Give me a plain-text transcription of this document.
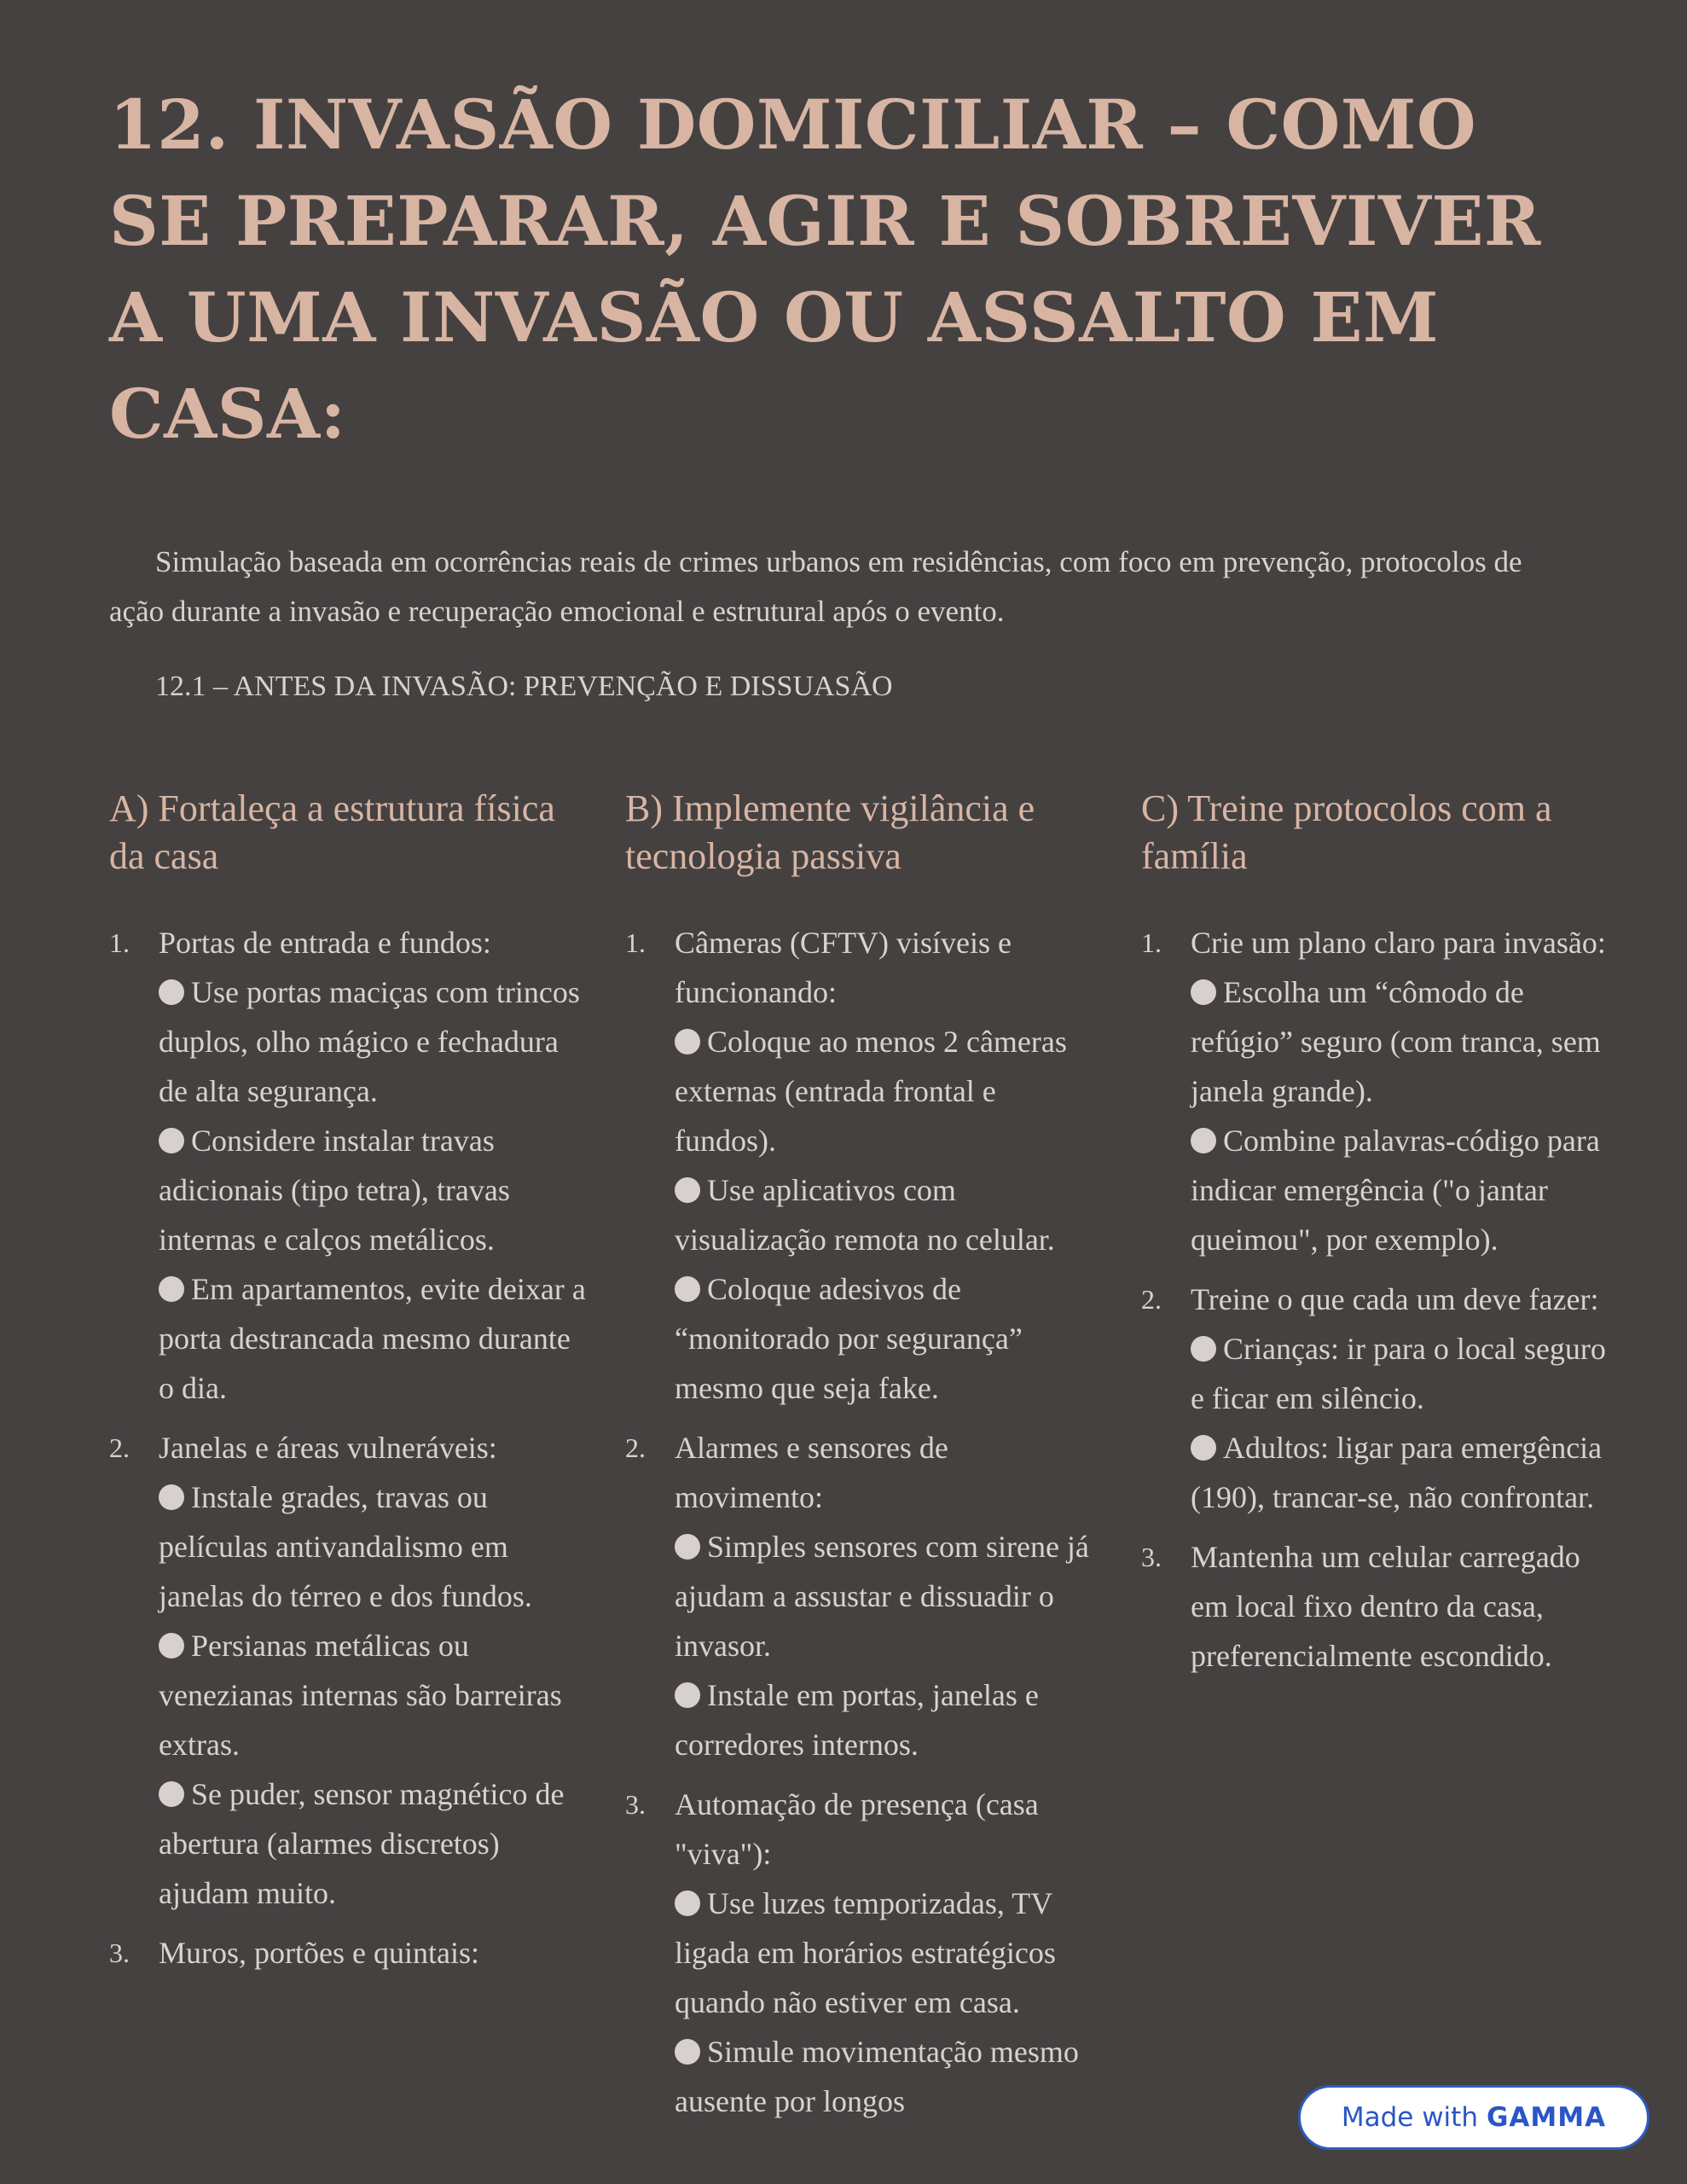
12. INVASÃO DOMICILIAR – COMO SE PREPARAR, AGIR E SOBREVIVER A UMA INVASÃO OU ASSALTO EM CASA:

Simulação baseada em ocorrências reais de crimes urbanos em residências, com foco em prevenção, protocolos de ação durante a invasão e recuperação emocional e estrutural após o evento.

12.1 – ANTES DA INVASÃO: PREVENÇÃO E DISSUASÃO
A) Fortaleça a estrutura física da casa
1. Portas de entrada e fundos:
Use portas maciças com trincos duplos, olho mágico e fechadura de alta segurança.
Considere instalar travas adicionais (tipo tetra), travas internas e calços metálicos.
Em apartamentos, evite deixar a porta destrancada mesmo durante o dia.
2. Janelas e áreas vulneráveis:
Instale grades, travas ou películas antivandalismo em janelas do térreo e dos fundos.
Persianas metálicas ou venezianas internas são barreiras extras.
Se puder, sensor magnético de abertura (alarmes discretos) ajudam muito.
3. Muros, portões e quintais:
B) Implemente vigilância e tecnologia passiva
1. Câmeras (CFTV) visíveis e funcionando:
Coloque ao menos 2 câmeras externas (entrada frontal e fundos).
Use aplicativos com visualização remota no celular.
Coloque adesivos de “monitorado por segurança” mesmo que seja fake.
2. Alarmes e sensores de movimento:
Simples sensores com sirene já ajudam a assustar e dissuadir o invasor.
Instale em portas, janelas e corredores internos.
3. Automação de presença (casa "viva"):
Use luzes temporizadas, TV ligada em horários estratégicos quando não estiver em casa.
Simule movimentação mesmo ausente por longos
C) Treine protocolos com a família
1. Crie um plano claro para invasão:
Escolha um “cômodo de refúgio” seguro (com tranca, sem janela grande).
Combine palavras-código para indicar emergência ("o jantar queimou", por exemplo).
2. Treine o que cada um deve fazer:
Crianças: ir para o local seguro e ficar em silêncio.
Adultos: ligar para emergência (190), trancar-se, não confrontar.
3. Mantenha um celular carregado em local fixo dentro da casa, preferencialmente escondido.
Made with GAMMA
